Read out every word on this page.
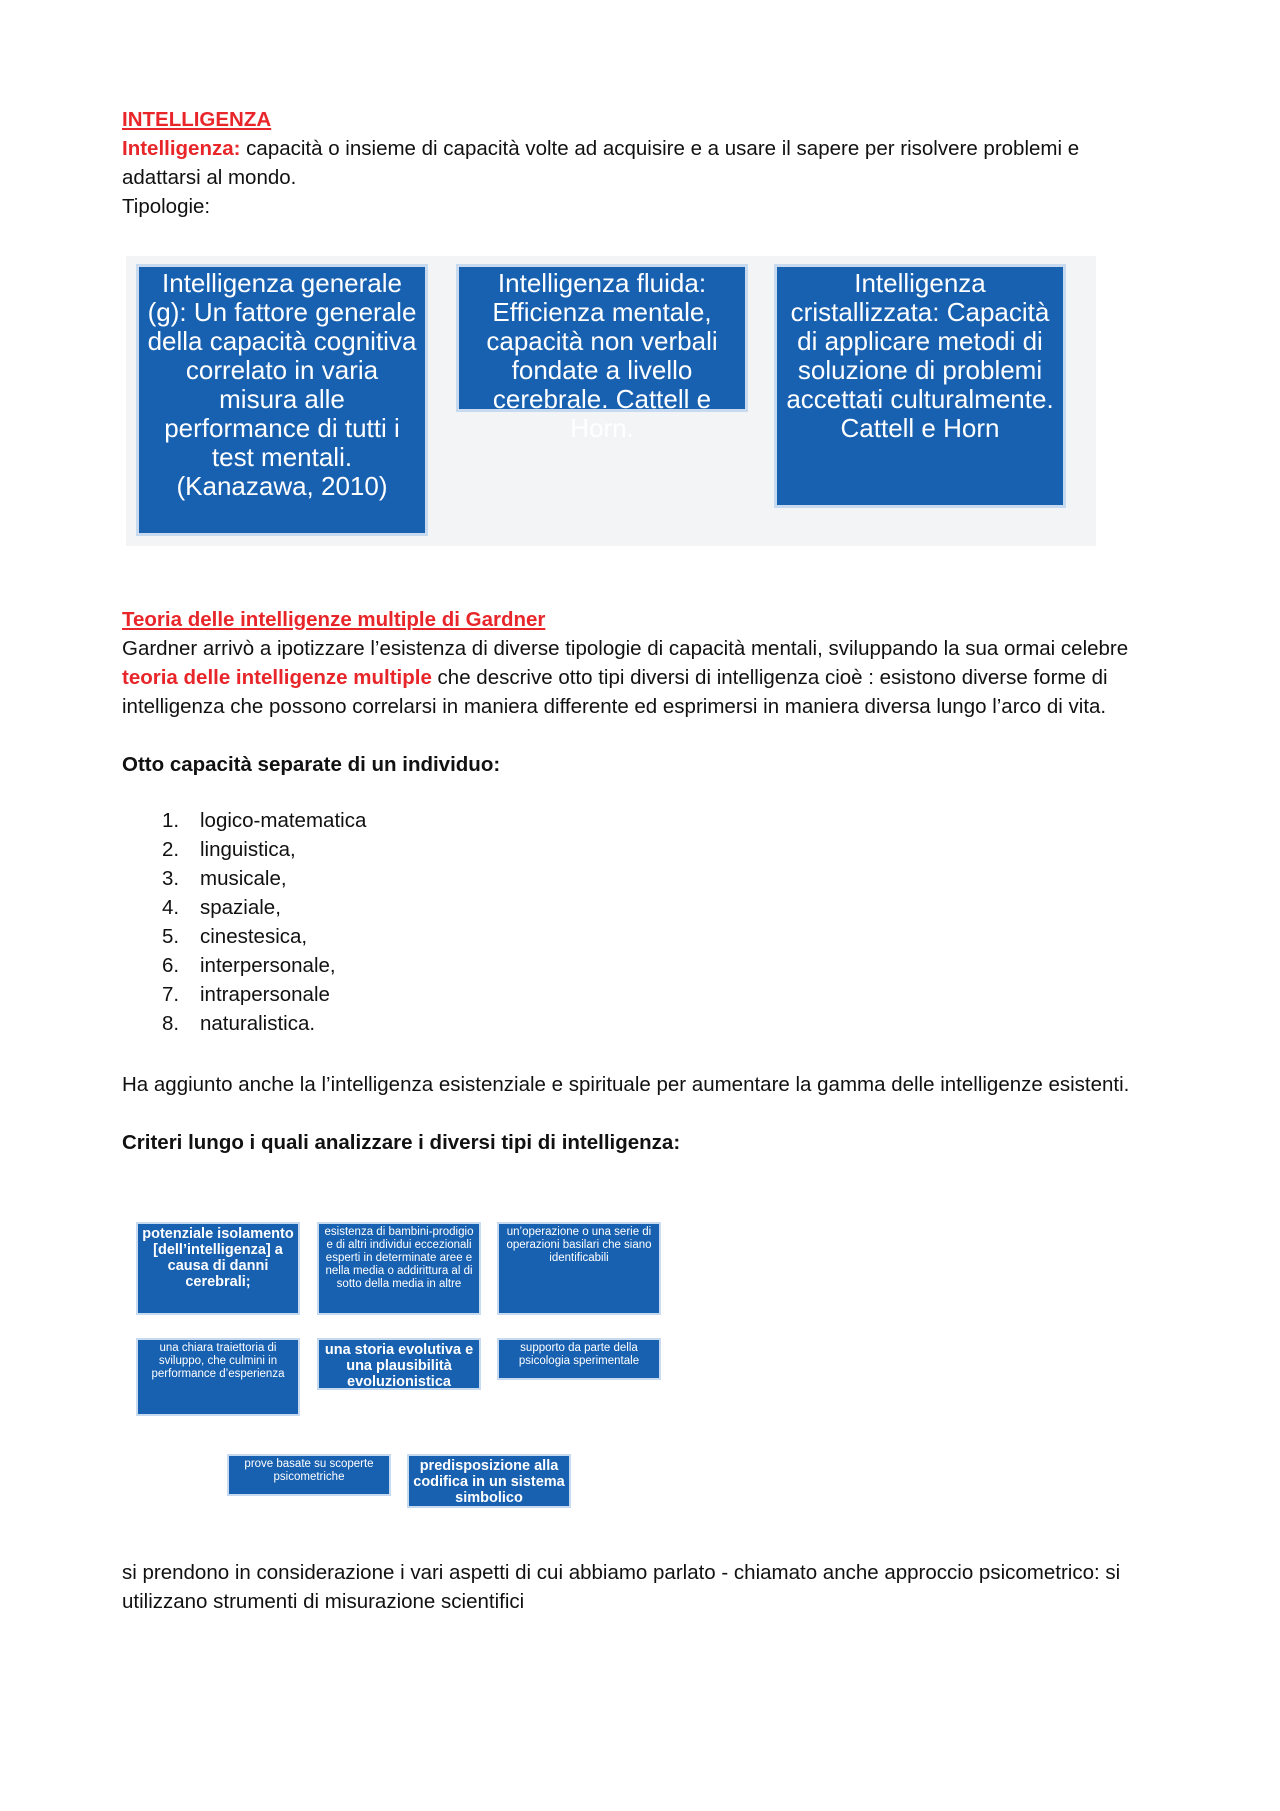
INTELLIGENZA

Intelligenza: capacità o insieme di capacità volte ad acquisire e a usare il sapere per risolvere problemi e adattarsi al mondo.

Tipologie:

Intelligenza generale (g): Un fattore generale della capacità cognitiva correlato in varia misura alle performance di tutti i test mentali. (Kanazawa, 2010)
Intelligenza fluida: Efficienza mentale, capacità non verbali fondate a livello cerebrale. Cattell e Horn.
Intelligenza cristallizzata: Capacità di applicare metodi di soluzione di problemi accettati culturalmente. Cattell e Horn

Teoria delle intelligenze multiple di Gardner

Gardner arrivò a ipotizzare l’esistenza di diverse tipologie di capacità mentali, sviluppando la sua ormai celebre teoria delle intelligenze multiple che descrive otto tipi diversi di intelligenza cioè : esistono diverse forme di intelligenza che possono correlarsi in maniera differente ed esprimersi in maniera diversa lungo l’arco di vita.

Otto capacità separate di un individuo:

1. logico-matematica
2. linguistica,
3. musicale,
4. spaziale,
5. cinestesica,
6. interpersonale,
7. intrapersonale
8. naturalistica.

Ha aggiunto anche la l’intelligenza esistenziale e spirituale per aumentare la gamma delle intelligenze esistenti.

Criteri lungo i quali analizzare i diversi tipi di intelligenza:

potenziale isolamento [dell’intelligenza] a causa di danni cerebrali;
esistenza di bambini-prodigio e di altri individui eccezionali esperti in determinate aree e nella media o addirittura al di sotto della media in altre
un’operazione o una serie di operazioni basilari che siano identificabili
una chiara traiettoria di sviluppo, che culmini in performance d’esperienza
una storia evolutiva e una plausibilità evoluzionistica
supporto da parte della psicologia sperimentale
prove basate su scoperte psicometriche
predisposizione alla codifica in un sistema simbolico

si prendono in considerazione i vari aspetti di cui abbiamo parlato - chiamato anche approccio psicometrico: si utilizzano strumenti di misurazione scientifici
